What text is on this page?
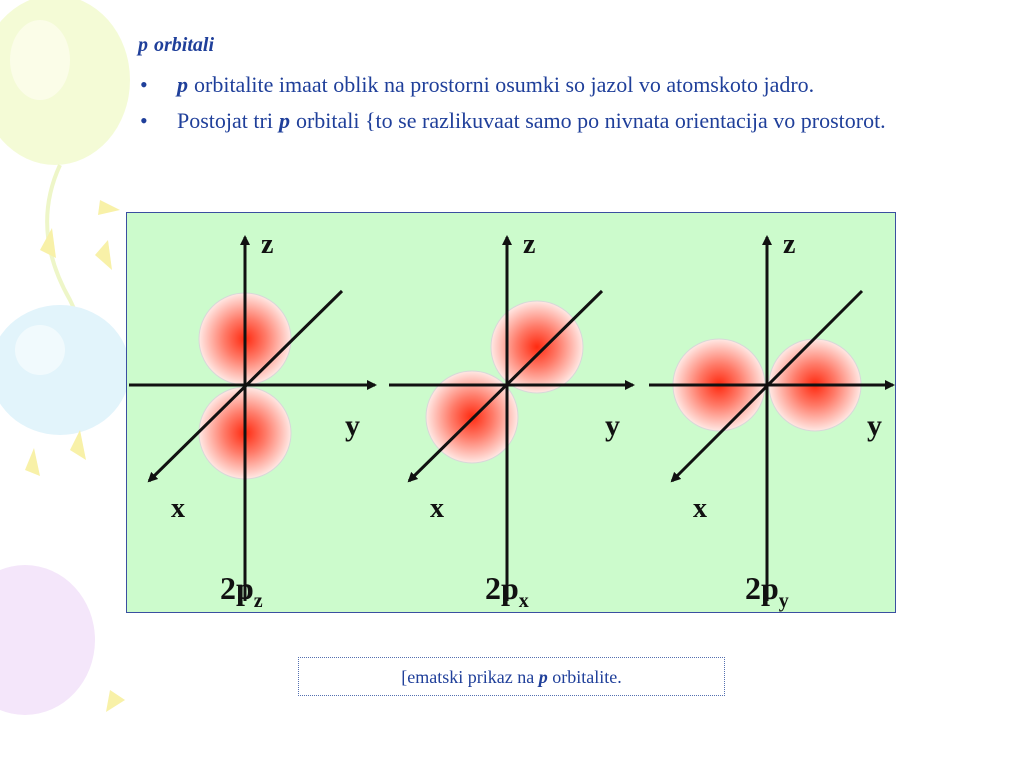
p orbitali
• p orbitalite imaat oblik na prostorni osumki so jazol vo atomskoto jadro.
• Postojat tri p orbitali {to se razlikuvaat samo po nivnata orientacija vo prostorot.
z
y
x
$2p_z$
z
y
x
$2p_x$
z
y
x
$2p_y$
[ematski prikaz na p orbitalite.
